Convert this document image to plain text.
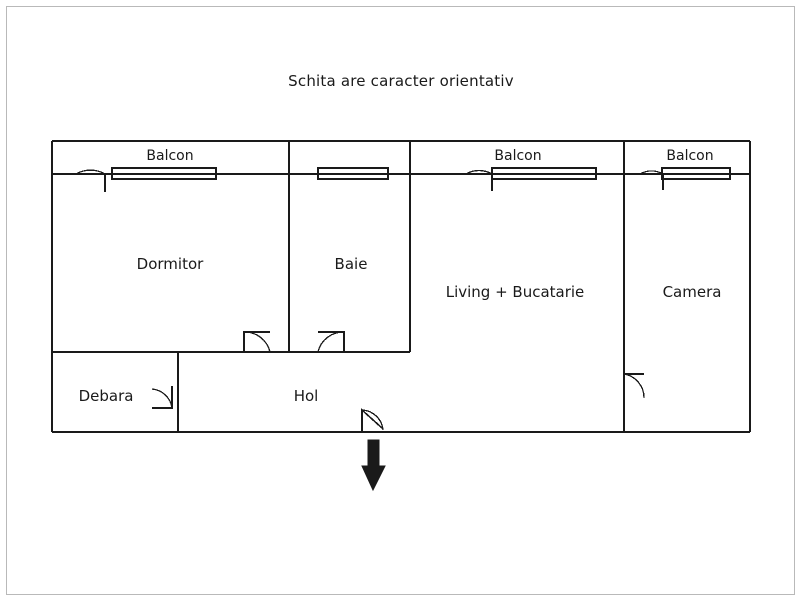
Schita are caracter orientativ
Dormitor	Baie
Living + Bucatarie	Camera
Debara	Hol
Balcon	Balcon	Balcon
